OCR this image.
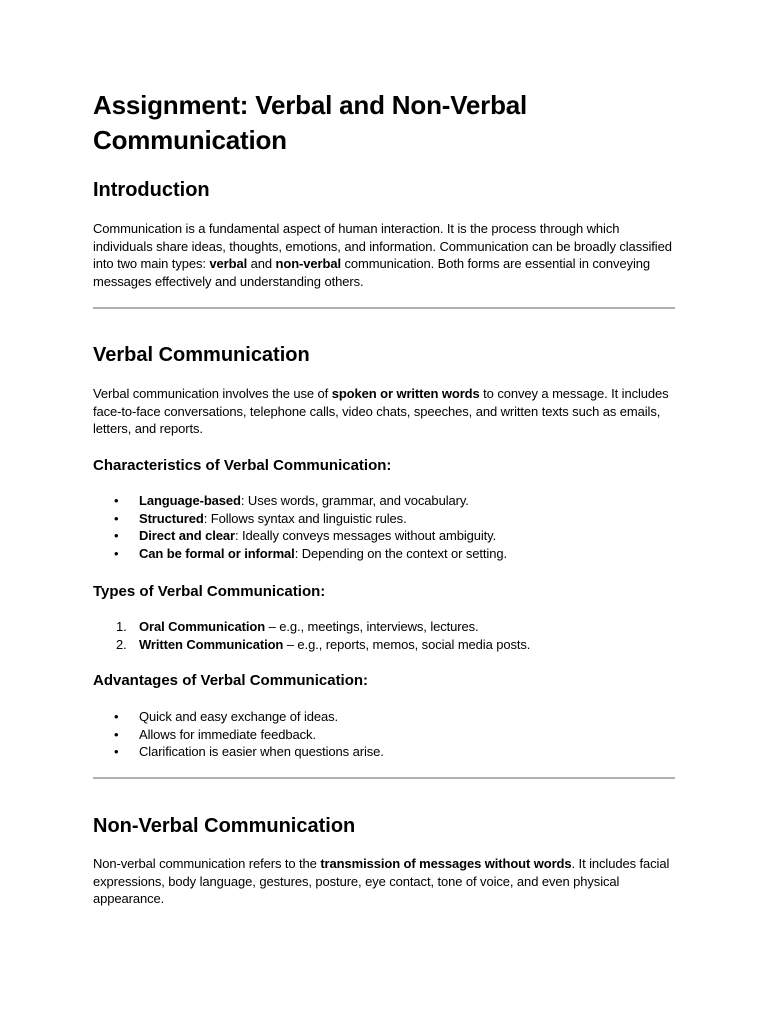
Assignment: Verbal and Non-Verbal Communication
Introduction

Communication is a fundamental aspect of human interaction. It is the process through which individuals share ideas, thoughts, emotions, and information. Communication can be broadly classified into two main types: verbal and non-verbal communication. Both forms are essential in conveying messages effectively and understanding others.

Verbal Communication

Verbal communication involves the use of spoken or written words to convey a message. It includes face-to-face conversations, telephone calls, video chats, speeches, and written texts such as emails, letters, and reports.

Characteristics of Verbal Communication:
• Language-based: Uses words, grammar, and vocabulary.
• Structured: Follows syntax and linguistic rules.
• Direct and clear: Ideally conveys messages without ambiguity.
• Can be formal or informal: Depending on the context or setting.
Types of Verbal Communication:
1. Oral Communication – e.g., meetings, interviews, lectures.
2. Written Communication – e.g., reports, memos, social media posts.
Advantages of Verbal Communication:
• Quick and easy exchange of ideas.
• Allows for immediate feedback.
• Clarification is easier when questions arise.
Non-Verbal Communication

Non-verbal communication refers to the transmission of messages without words. It includes facial expressions, body language, gestures, posture, eye contact, tone of voice, and even physical appearance.
